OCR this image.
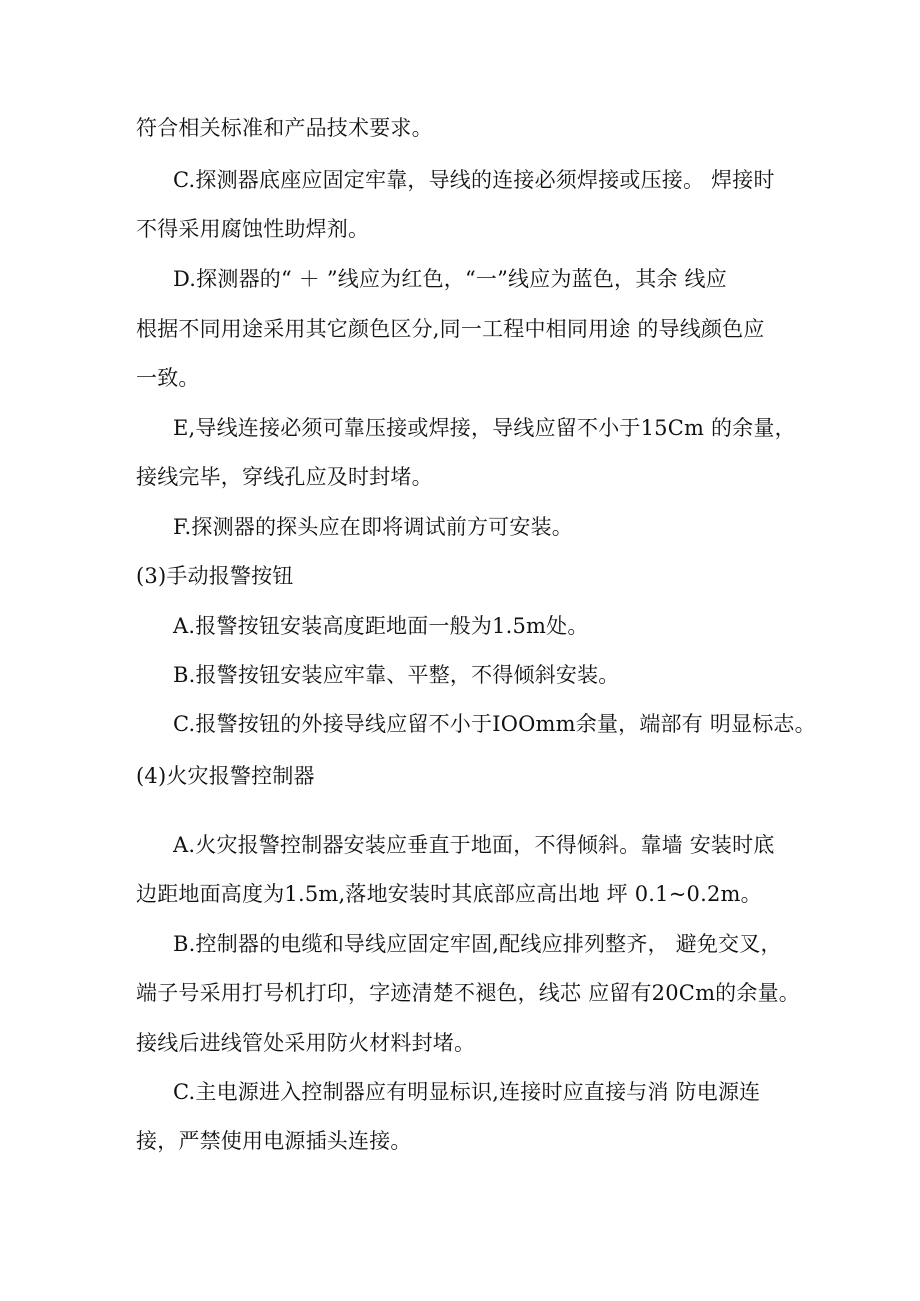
符合相关标准和产品技术要求。
C.探测器底座应固定牢靠，导线的连接必须焊接或压接。 焊接时
不得采用腐蚀性助焊剂。
D.探测器的“ ＋ ”线应为红色，“一”线应为蓝色，其余 线应
根据不同用途采用其它颜色区分,同一工程中相同用途 的导线颜色应
一致。
E,导线连接必须可靠压接或焊接，导线应留不小于15Cm 的余量，
接线完毕，穿线孔应及时封堵。
F.探测器的探头应在即将调试前方可安装。
(3)手动报警按钮
A.报警按钮安装高度距地面一般为1.5m处。
B.报警按钮安装应牢靠、平整，不得倾斜安装。
C.报警按钮的外接导线应留不小于IOOmm余量，端部有 明显标志。
(4)火灾报警控制器
A.火灾报警控制器安装应垂直于地面，不得倾斜。靠墙 安装时底
边距地面高度为1.5m,落地安装时其底部应高出地 坪 0.1~0.2m。
B.控制器的电缆和导线应固定牢固,配线应排列整齐， 避免交叉，
端子号采用打号机打印，字迹清楚不褪色，线芯 应留有20Cm的余量。
接线后进线管处采用防火材料封堵。
C.主电源进入控制器应有明显标识,连接时应直接与消 防电源连
接，严禁使用电源插头连接。
